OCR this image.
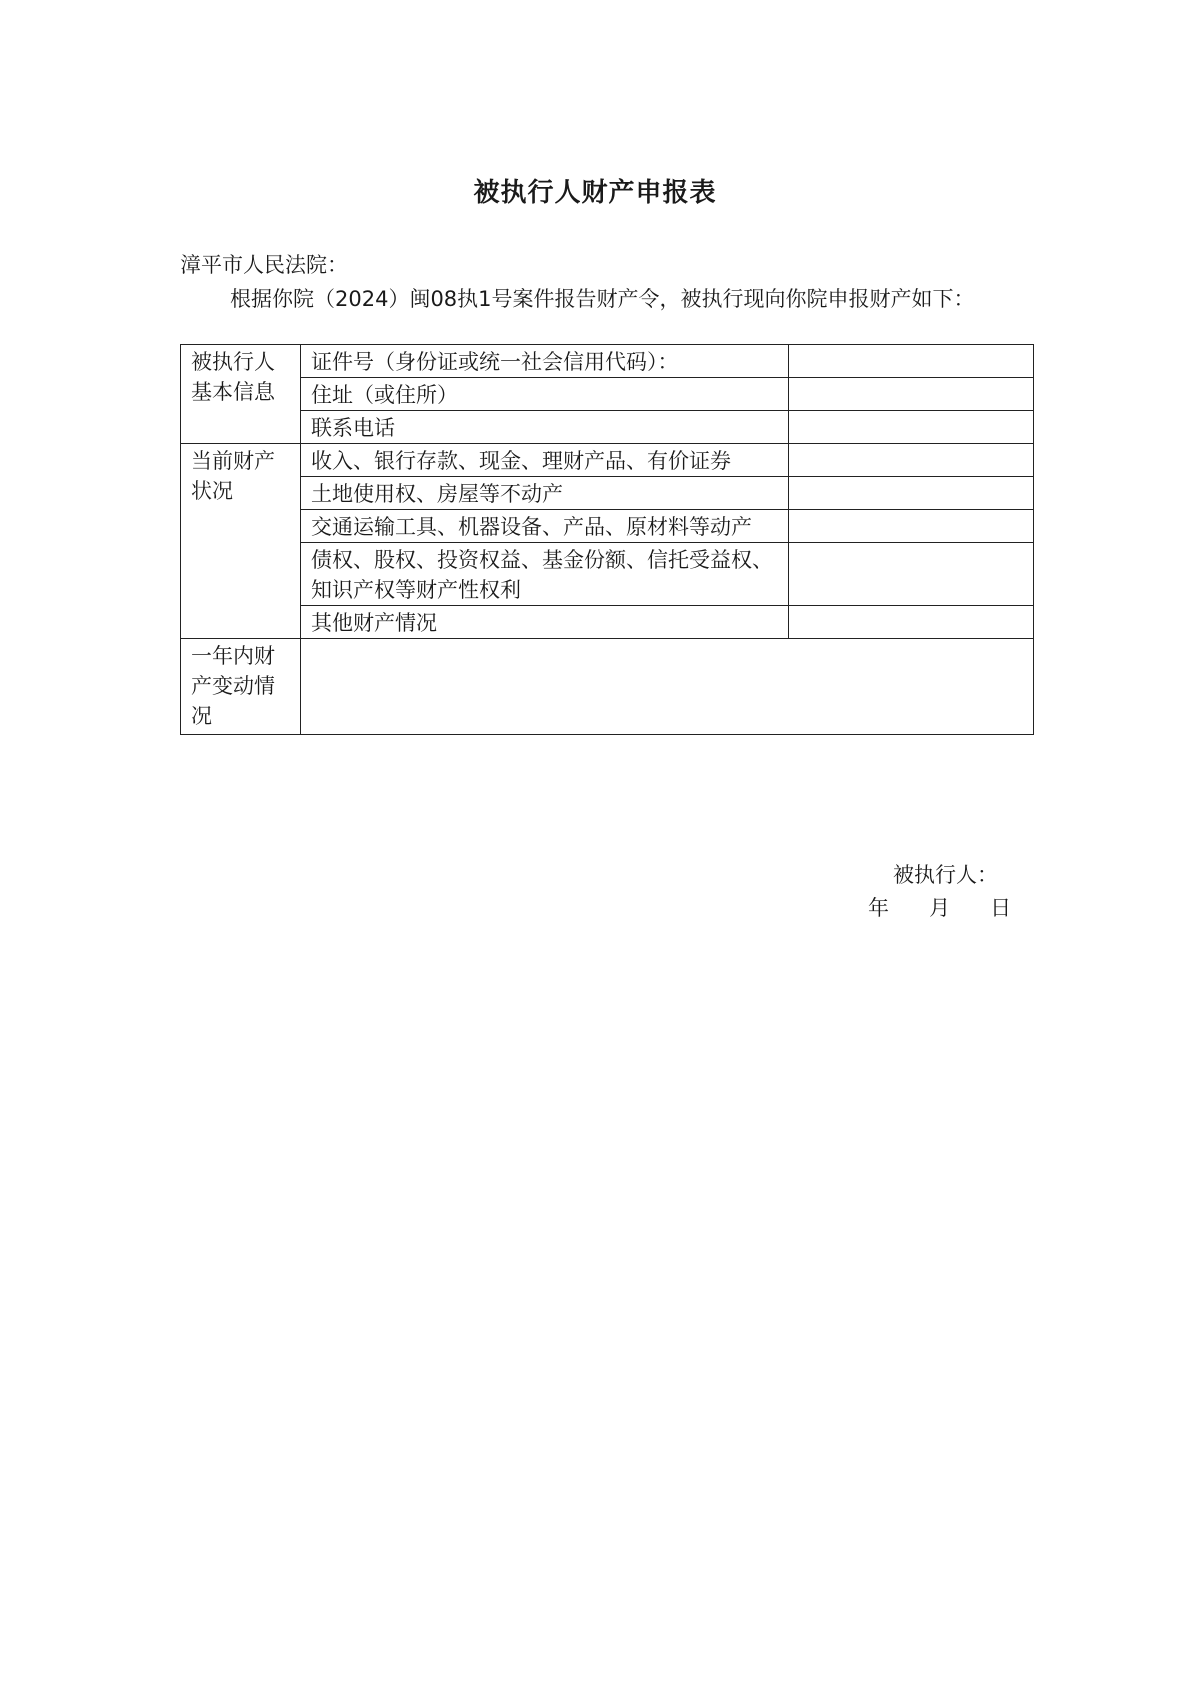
被执行人财产申报表
漳平市人民法院：

根据你院（2024）闽08执1号案件报告财产令，被执行现向你院申报财产如下：

被执行人基本信息	证件号（身份证或统一社会信用代码）：	
	住址（或住所）	
	联系电话	
当前财产状况	收入、银行存款、现金、理财产品、有价证券	
	土地使用权、房屋等不动产	
	交通运输工具、机器设备、产品、原材料等动产	
	债权、股权、投资权益、基金份额、信托受益权、知识产权等财产性权利	
	其他财产情况	
一年内财产变动情况		
被执行人：
年 月 日
